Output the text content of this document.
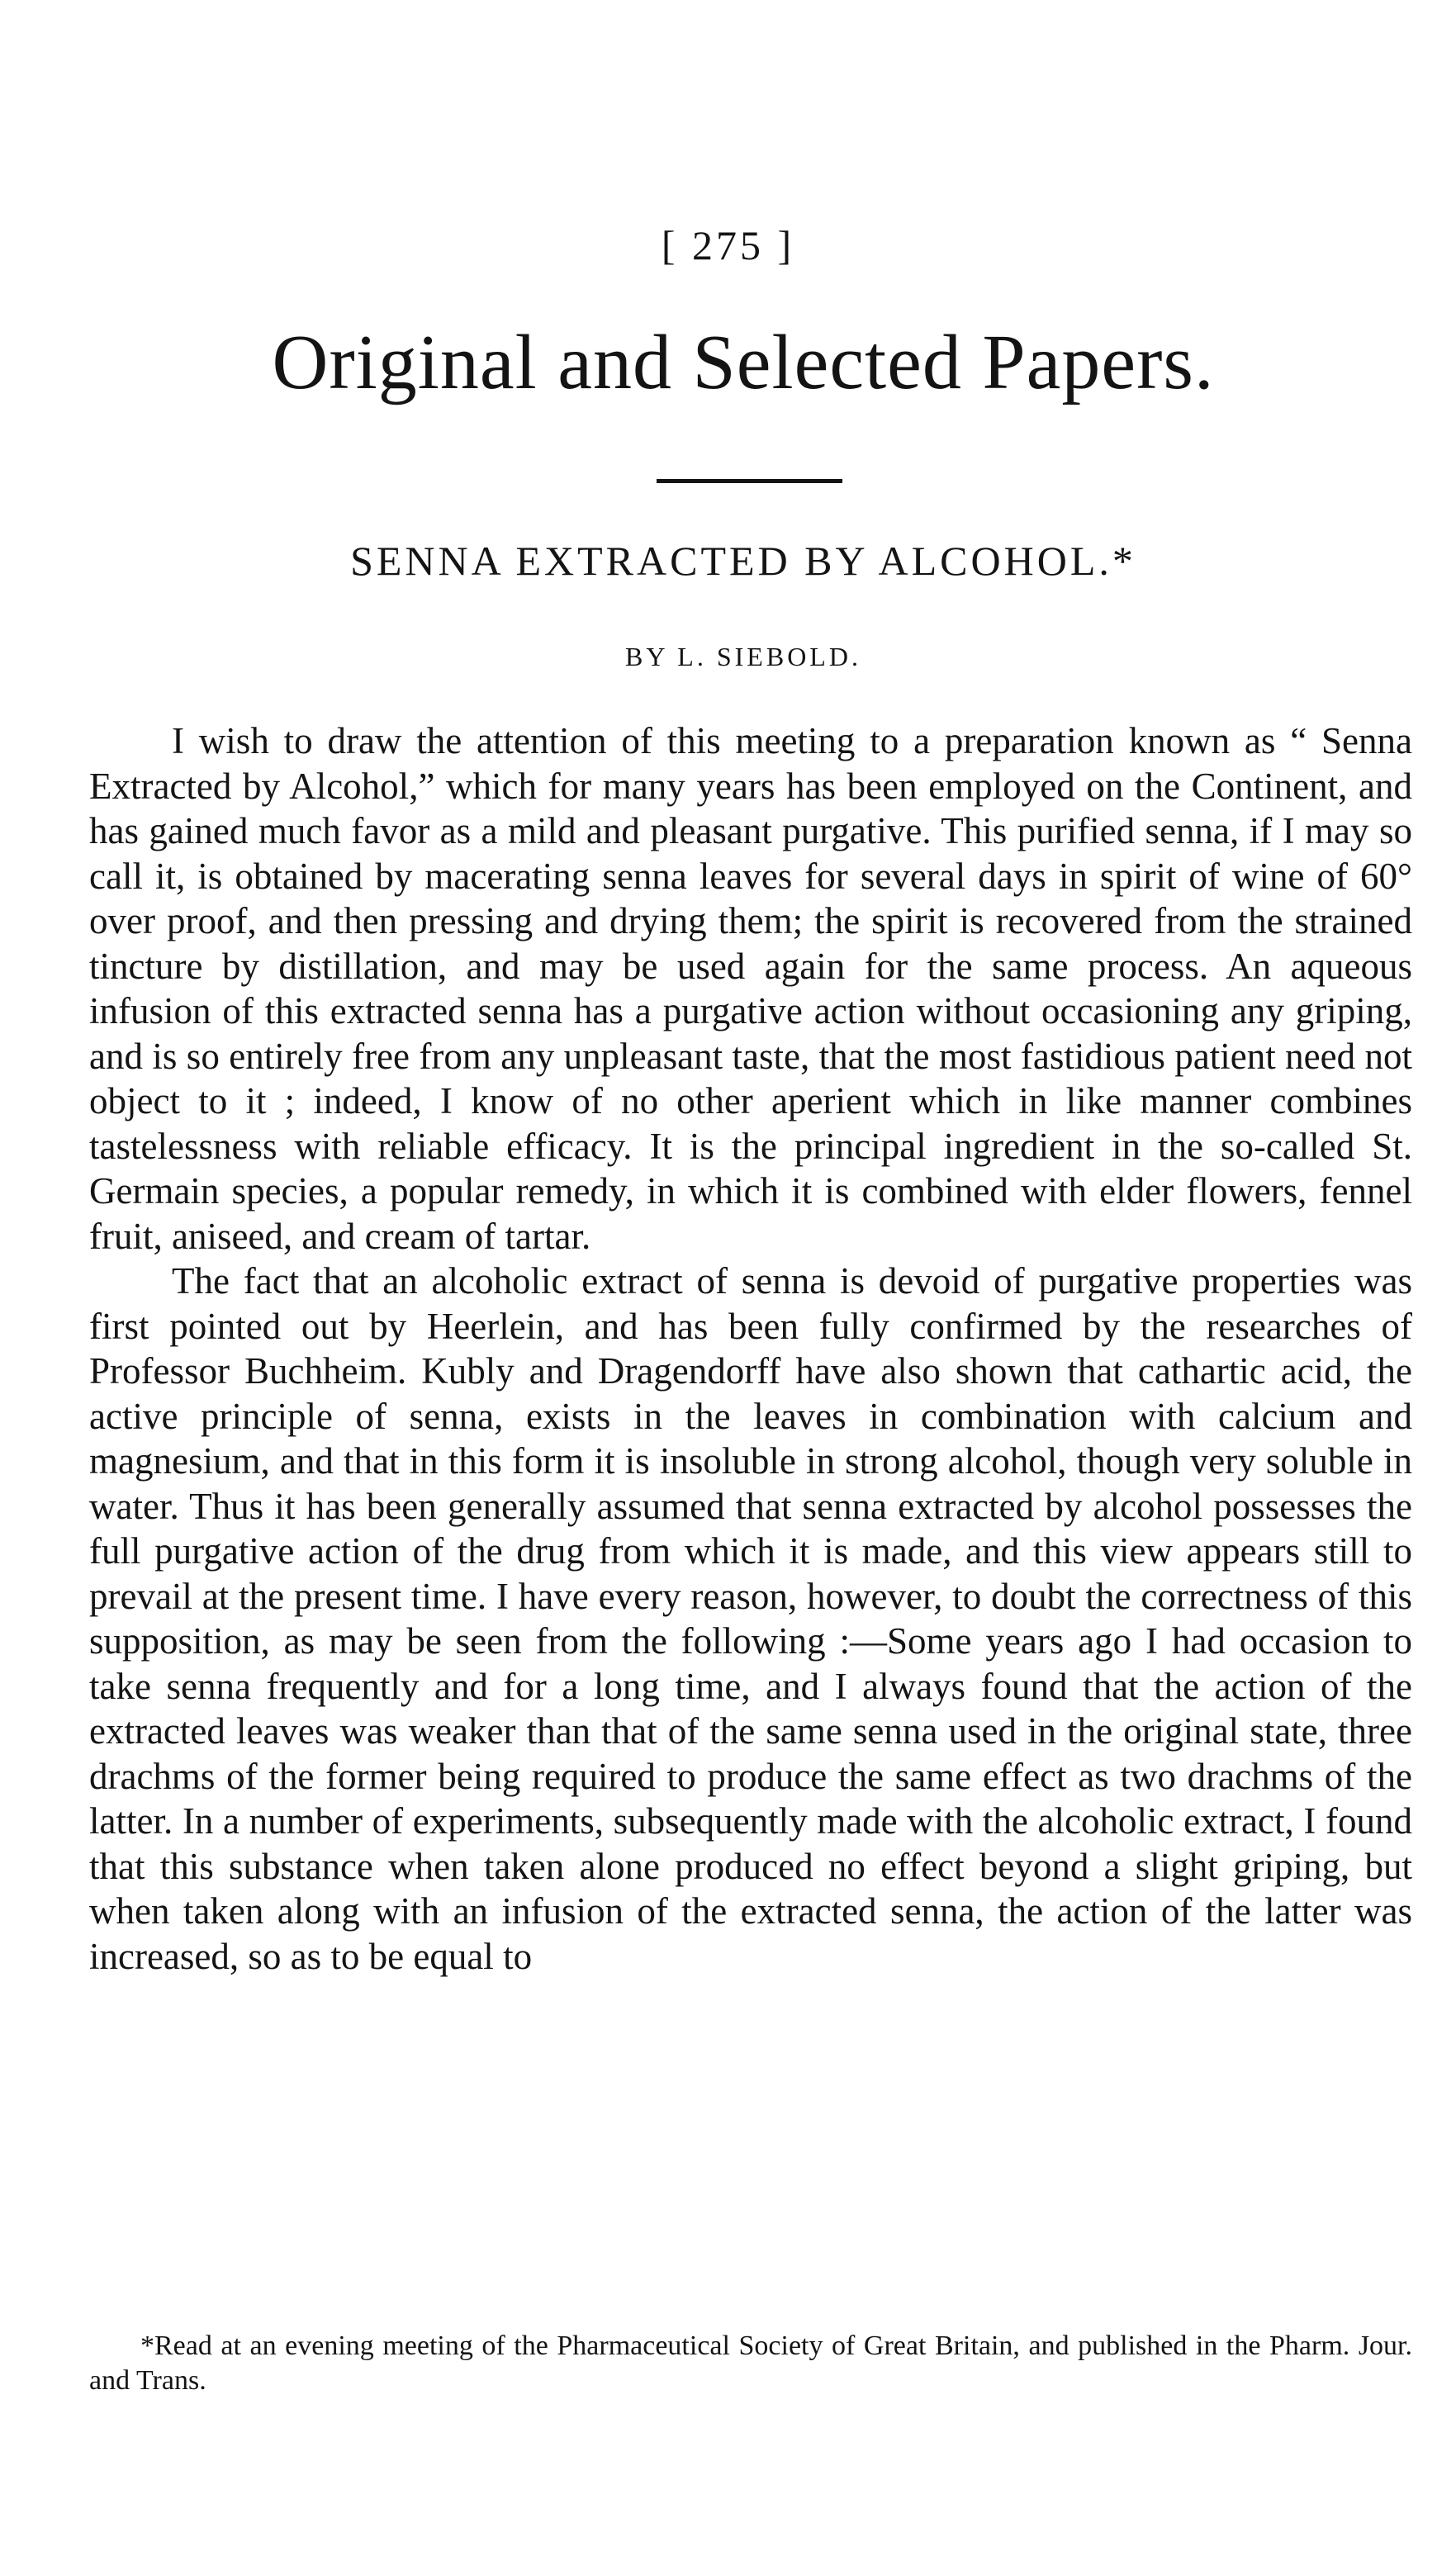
[ 275 ]
Original and Selected Papers.
SENNA EXTRACTED BY ALCOHOL.*
BY L. SIEBOLD.

I wish to draw the attention of this meeting to a preparation known as “ Senna Extracted by Alcohol,” which for many years has been employed on the Continent, and has gained much favor as a mild and pleasant purgative. This purified senna, if I may so call it, is obtained by macerating senna leaves for several days in spirit of wine of 60° over proof, and then pressing and drying them; the spirit is recovered from the strained tincture by distillation, and may be used again for the same process. An aqueous infusion of this extracted senna has a purgative action without occasioning any griping, and is so entirely free from any unpleasant taste, that the most fastidious patient need not object to it ; indeed, I know of no other aperient which in like manner combines tastelessness with reliable efficacy. It is the principal ingredient in the so-called St. Germain species, a popular remedy, in which it is combined with elder flowers, fennel fruit, aniseed, and cream of tartar.

The fact that an alcoholic extract of senna is devoid of purgative properties was first pointed out by Heerlein, and has been fully confirmed by the researches of Professor Buchheim. Kubly and Dragendorff have also shown that cathartic acid, the active principle of senna, exists in the leaves in combination with calcium and magnesium, and that in this form it is insoluble in strong alcohol, though very soluble in water. Thus it has been generally assumed that senna extracted by alcohol possesses the full purgative action of the drug from which it is made, and this view appears still to prevail at the present time. I have every reason, however, to doubt the correctness of this supposition, as may be seen from the following :—Some years ago I had occasion to take senna frequently and for a long time, and I always found that the action of the extracted leaves was weaker than that of the same senna used in the original state, three drachms of the former being required to produce the same effect as two drachms of the latter. In a number of experiments, subsequently made with the alcoholic extract, I found that this substance when taken alone produced no effect beyond a slight griping, but when taken along with an infusion of the extracted senna, the action of the latter was increased, so as to be equal to

*Read at an evening meeting of the Pharmaceutical Society of Great Britain, and published in the Pharm. Jour. and Trans.
